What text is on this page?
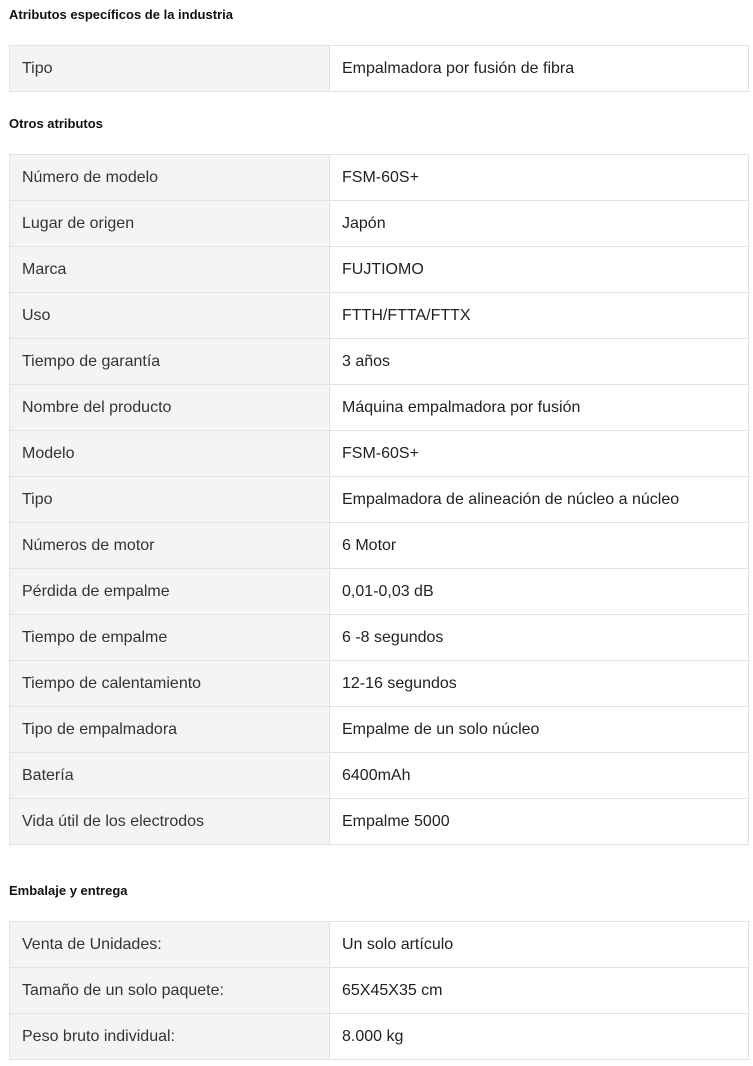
Atributos específicos de la industria
Tipo	Empalmadora por fusión de fibra
Otros atributos
Número de modelo	FSM-60S+
Lugar de origen	Japón
Marca	FUJTIOMO
Uso	FTTH/FTTA/FTTX
Tiempo de garantía	3 años
Nombre del producto	Máquina empalmadora por fusión
Modelo	FSM-60S+
Tipo	Empalmadora de alineación de núcleo a núcleo
Números de motor	6 Motor
Pérdida de empalme	0,01-0,03 dB
Tiempo de empalme	6 -8 segundos
Tiempo de calentamiento	12-16 segundos
Tipo de empalmadora	Empalme de un solo núcleo
Batería	6400mAh
Vida útil de los electrodos	Empalme 5000
Embalaje y entrega
Venta de Unidades:	Un solo artículo
Tamaño de un solo paquete:	65X45X35 cm
Peso bruto individual:	8.000 kg
